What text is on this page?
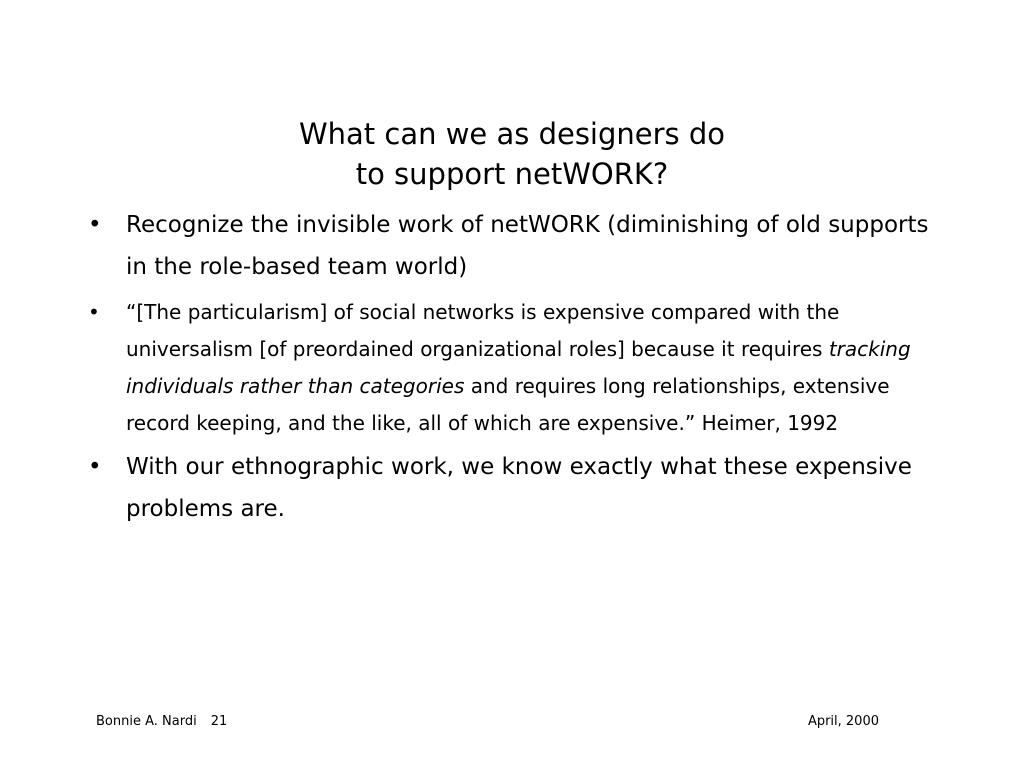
What can we as designers do
to support netWORK?
• Recognize the invisible work of netWORK (diminishing of old supports in the role-based team world)
• “[The particularism] of social networks is expensive compared with the universalism [of preordained organizational roles] because it requires tracking individuals rather than categories and requires long relationships, extensive record keeping, and the like, all of which are expensive.” Heimer, 1992
• With our ethnographic work, we know exactly what these expensive problems are.
Bonnie A. Nardi 21	April, 2000
